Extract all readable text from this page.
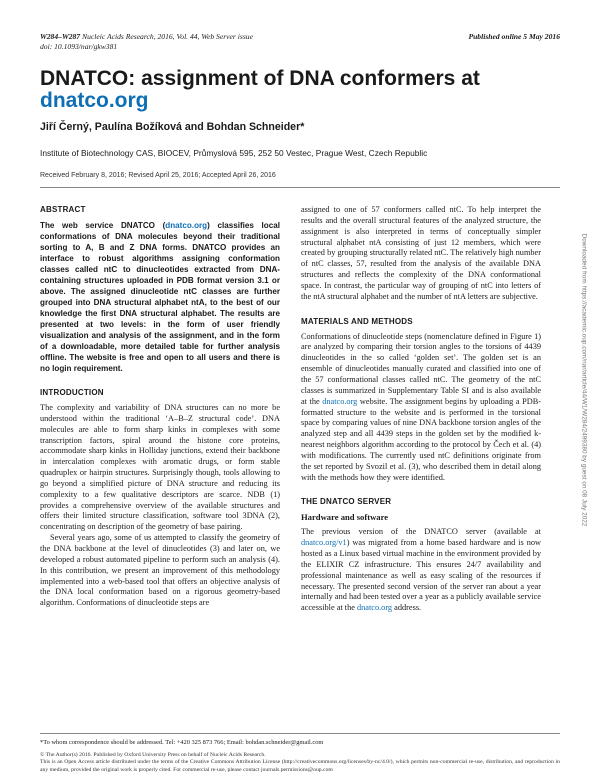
W284–W287 Nucleic Acids Research, 2016, Vol. 44, Web Server issue
doi: 10.1093/nar/gkw381
Published online 5 May 2016
DNATCO: assignment of DNA conformers at
dnatco.org
Jiří Černý, Paulína Božíková and Bohdan Schneider*
Institute of Biotechnology CAS, BIOCEV, Průmyslová 595, 252 50 Vestec, Prague West, Czech Republic
Received February 8, 2016; Revised April 25, 2016; Accepted April 26, 2016
Downloaded from https://academic.oup.com/nar/article/44/W1/W284/2499380 by guest on 08 July 2022
ABSTRACT

The web service DNATCO (dnatco.org) classifies local conformations of DNA molecules beyond their traditional sorting to A, B and Z DNA forms. DNATCO provides an interface to robust algorithms assigning conformation classes called ntC to dinucleotides extracted from DNA-containing structures uploaded in PDB format version 3.1 or above. The assigned dinucleotide ntC classes are further grouped into DNA structural alphabet ntA, to the best of our knowledge the first DNA structural alphabet. The results are presented at two levels: in the form of user friendly visualization and analysis of the assignment, and in the form of a downloadable, more detailed table for further analysis offline. The website is free and open to all users and there is no login requirement.

INTRODUCTION

The complexity and variability of DNA structures can no more be understood within the traditional ‘A–B–Z structural code’. DNA molecules are able to form sharp kinks in complexes with some transcription factors, spiral around the histone core proteins, accommodate sharp kinks in Holliday junctions, extend their backbone in intercalation complexes with aromatic drugs, or form stable quadruplex or hairpin structures. Surprisingly though, tools allowing to go beyond a simplified picture of DNA structure and reducing its complexity to a few qualitative descriptors are scarce. NDB (1) provides a comprehensive overview of the available structures and offers their limited structure classification, software tool 3DNA (2), concentrating on description of the geometry of base pairing.

Several years ago, some of us attempted to classify the geometry of the DNA backbone at the level of dinucleotides (3) and later on, we developed a robust automated pipeline to perform such an analysis (4). In this contribution, we present an improvement of this methodology implemented into a web-based tool that offers an objective analysis of the DNA local conformation based on a rigorous geometry-based algorithm. Conformations of dinucleotide steps are

assigned to one of 57 conformers called ntC. To help interpret the results and the overall structural features of the analyzed structure, the assignment is also interpreted in terms of conceptually simpler structural alphabet ntA consisting of just 12 members, which were created by grouping structurally related ntC. The relatively high number of ntC classes, 57, resulted from the analysis of the available DNA structures and reflects the complexity of the DNA conformational space. In contrast, the particular way of grouping of ntC into letters of the ntA structural alphabet and the number of ntA letters are subjective.

MATERIALS AND METHODS

Conformations of dinucleotide steps (nomenclature defined in Figure 1) are analyzed by comparing their torsion angles to the torsions of 4439 dinucleotides in the so called ‘golden set’. The golden set is an ensemble of dinucleotides manually curated and classified into one of the 57 conformational classes called ntC. The geometry of the ntC classes is summarized in Supplementary Table SI and is also available at the dnatco.org website. The assignment begins by uploading a PDB-formatted structure to the website and is performed in the torsional space by comparing values of nine DNA backbone torsion angles of the analyzed step and all 4439 steps in the golden set by the modified k-nearest neighbors algorithm according to the protocol by Čech et al. (4) with modifications. The currently used ntC definitions originate from the set reported by Svozil et al. (3), who described them in detail along with the methods how they were identified.

THE DNATCO SERVER
Hardware and software

The previous version of the DNATCO server (available at dnatco.org/v1) was migrated from a home based hardware and is now hosted as a Linux based virtual machine in the environment provided by the ELIXIR CZ infrastructure. This ensures 24/7 availability and professional maintenance as well as easy scaling of the resources if necessary. The presented second version of the server ran about a year internally and had been tested over a year as a publicly available service accessible at the dnatco.org address.

*To whom correspondence should be addressed. Tel: +420 325 873 766; Email: bohdan.schneider@gmail.com
© The Author(s) 2016. Published by Oxford University Press on behalf of Nucleic Acids Research.
This is an Open Access article distributed under the terms of the Creative Commons Attribution License (http://creativecommons.org/licenses/by-nc/4.0/), which permits non-commercial re-use, distribution, and reproduction in any medium, provided the original work is properly cited. For commercial re-use, please contact journals.permissions@oup.com
